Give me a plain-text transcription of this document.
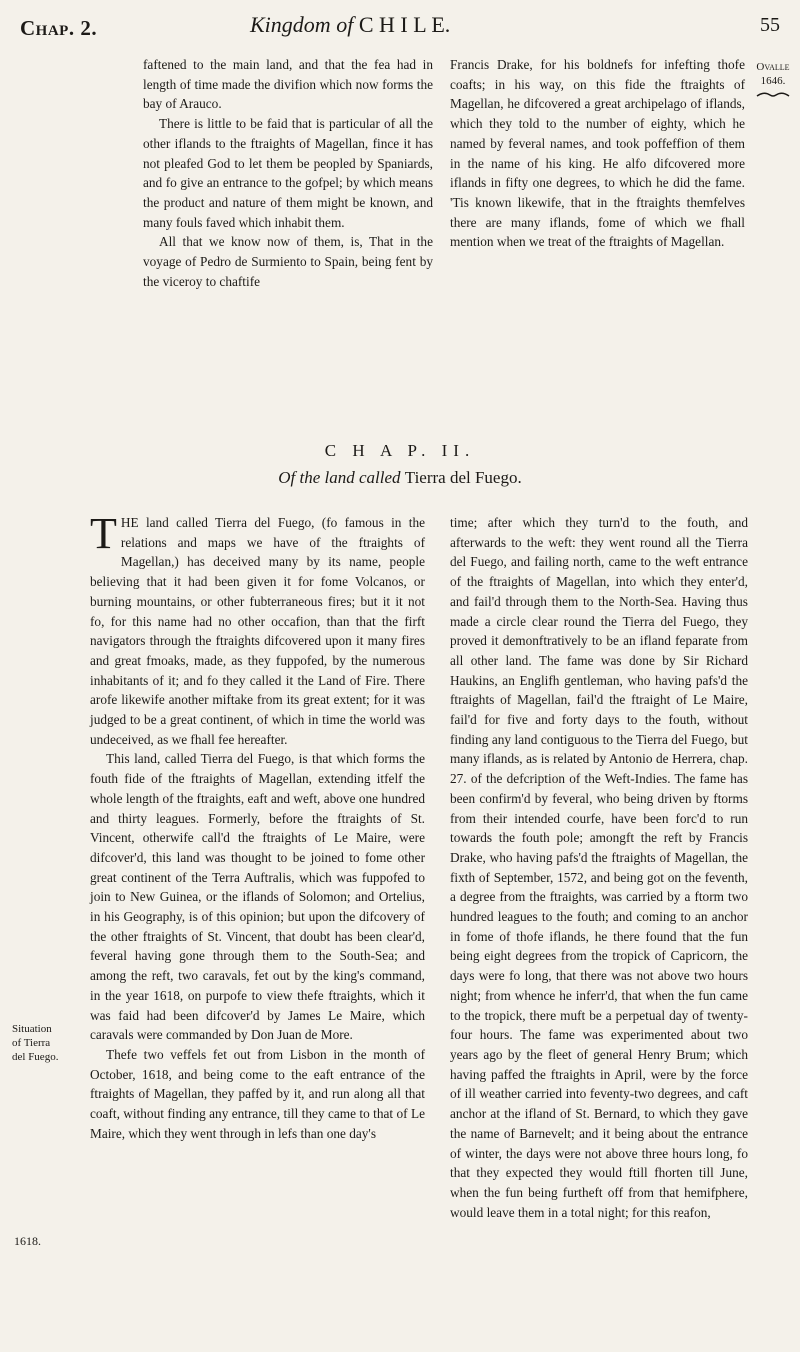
Chap. 2.	Kingdom of C H I L E.	55
Ovalle
1646.

faftened to the main land, and that the fea had in length of time made the divifion which now forms the bay of Arauco.

There is little to be faid that is particular of all the other iflands to the ftraights of Magellan, fince it has not pleafed God to let them be peopled by Spaniards, and fo give an entrance to the gofpel; by which means the product and nature of them might be known, and many fouls faved which inhabit them.

All that we know now of them, is, That in the voyage of Pedro de Surmiento to Spain, being fent by the viceroy to chaftife

Francis Drake, for his boldnefs for infefting thofe coafts; in his way, on this fide the ftraights of Magellan, he difcovered a great archipelago of iflands, which they told to the number of eighty, which he named by feveral names, and took poffeffion of them in the name of his king. He alfo difcovered more iflands in fifty one degrees, to which he did the fame. 'Tis known likewife, that in the ftraights themfelves there are many iflands, fome of which we fhall mention when we treat of the ftraights of Magellan.

C H A P. II.
Of the land called Tierra del Fuego.
Situation
of Tierra
del Fuego.
1618.

THE land called Tierra del Fuego, (fo famous in the relations and maps we have of the ftraights of Magellan,) has deceived many by its name, people believing that it had been given it for fome Volcanos, or burning mountains, or other fubterraneous fires; but it it not fo, for this name had no other occafion, than that the firft navigators through the ftraights difcovered upon it many fires and great fmoaks, made, as they fuppofed, by the numerous inhabitants of it; and fo they called it the Land of Fire. There arofe likewife another miftake from its great extent; for it was judged to be a great continent, of which in time the world was undeceived, as we fhall fee hereafter.

This land, called Tierra del Fuego, is that which forms the fouth fide of the ftraights of Magellan, extending itfelf the whole length of the ftraights, eaft and weft, above one hundred and thirty leagues. Formerly, before the ftraights of St. Vincent, otherwife call'd the ftraights of Le Maire, were difcover'd, this land was thought to be joined to fome other great continent of the Terra Auftralis, which was fuppofed to join to New Guinea, or the iflands of Solomon; and Ortelius, in his Geography, is of this opinion; but upon the difcovery of the other ftraights of St. Vincent, that doubt has been clear'd, feveral having gone through them to the South-Sea; and among the reft, two caravals, fet out by the king's command, in the year 1618, on purpofe to view thefe ftraights, which it was faid had been difcover'd by James Le Maire, which caravals were commanded by Don Juan de More.

Thefe two veffels fet out from Lisbon in the month of October, 1618, and being come to the eaft entrance of the ftraights of Magellan, they paffed by it, and run along all that coaft, without finding any entrance, till they came to that of Le Maire, which they went through in lefs than one day's

time; after which they turn'd to the fouth, and afterwards to the weft: they went round all the Tierra del Fuego, and failing north, came to the weft entrance of the ftraights of Magellan, into which they enter'd, and fail'd through them to the North-Sea. Having thus made a circle clear round the Tierra del Fuego, they proved it demonftratively to be an ifland feparate from all other land. The fame was done by Sir Richard Haukins, an Englifh gentleman, who having pafs'd the ftraights of Magellan, fail'd the ftraight of Le Maire, fail'd for five and forty days to the fouth, without finding any land contiguous to the Tierra del Fuego, but many iflands, as is related by Antonio de Herrera, chap. 27. of the defcription of the Weft-Indies. The fame has been confirm'd by feveral, who being driven by ftorms from their intended courfe, have been forc'd to run towards the fouth pole; amongft the reft by Francis Drake, who having pafs'd the ftraights of Magellan, the fixth of September, 1572, and being got on the feventh, a degree from the ftraights, was carried by a ftorm two hundred leagues to the fouth; and coming to an anchor in fome of thofe iflands, he there found that the fun being eight degrees from the tropick of Capricorn, the days were fo long, that there was not above two hours night; from whence he inferr'd, that when the fun came to the tropick, there muft be a perpetual day of twenty-four hours. The fame was experimented about two years ago by the fleet of general Henry Brum; which having paffed the ftraights in April, were by the force of ill weather carried into feventy-two degrees, and caft anchor at the ifland of St. Bernard, to which they gave the name of Barnevelt; and it being about the entrance of winter, the days were not above three hours long, fo that they expected they would ftill fhorten till June, when the fun being furtheft off from that hemifphere, would leave them in a total night; for this reafon,
